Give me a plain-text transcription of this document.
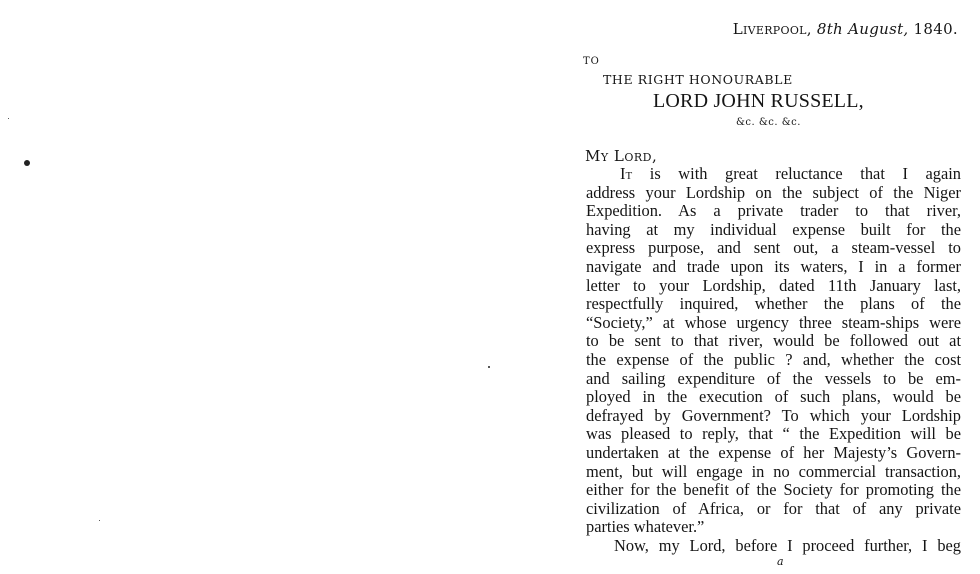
Liverpool, 8th August, 1840.
TO
THE RIGHT HONOURABLE
LORD JOHN RUSSELL,
&c. &c. &c.
My Lord,
It is with great reluctance that I again
address your Lordship on the subject of the Niger
Expedition. As a private trader to that river,
having at my individual expense built for the
express purpose, and sent out, a steam-vessel to
navigate and trade upon its waters, I in a former
letter to your Lordship, dated 11th January last,
respectfully inquired, whether the plans of the
“Society,” at whose urgency three steam-ships were
to be sent to that river, would be followed out at
the expense of the public ? and, whether the cost
and sailing expenditure of the vessels to be em-
ployed in the execution of such plans, would be
defrayed by Government? To which your Lordship
was pleased to reply, that “ the Expedition will be
undertaken at the expense of her Majesty’s Govern-
ment, but will engage in no commercial transaction,
either for the benefit of the Society for promoting the
civilization of Africa, or for that of any private
parties whatever.”
Now, my Lord, before I proceed further, I beg
a
